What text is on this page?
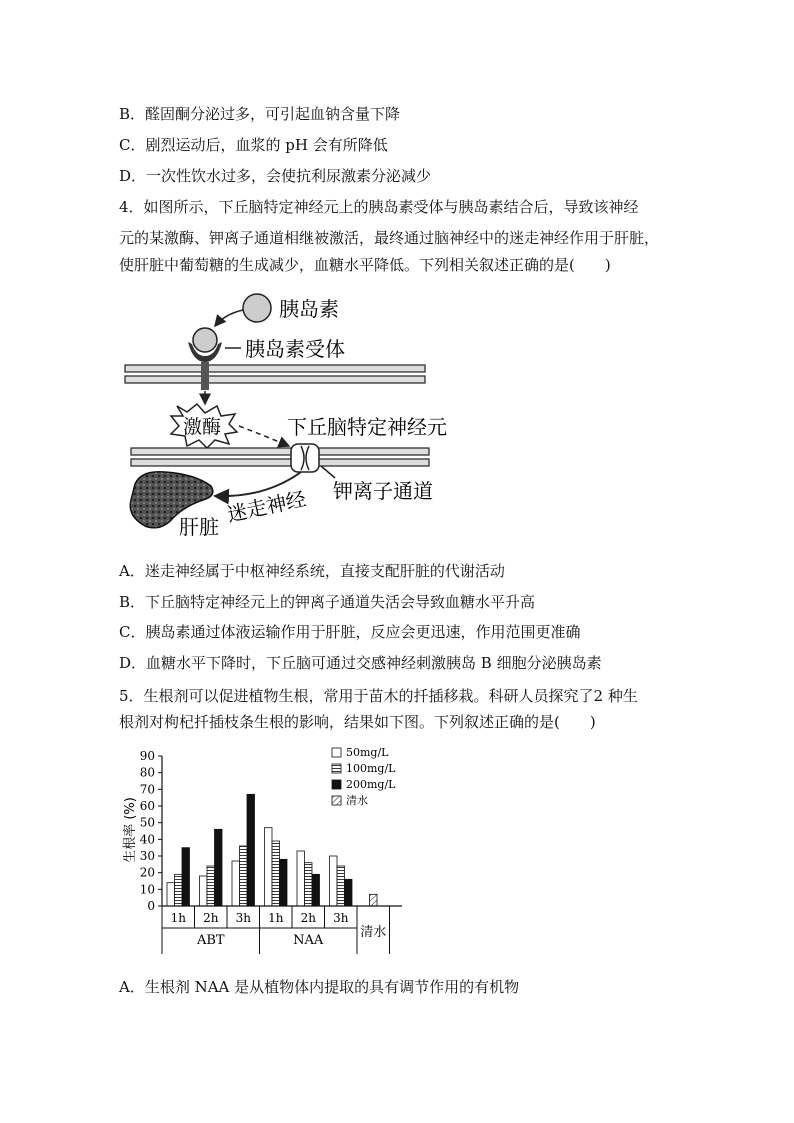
B．醛固酮分泌过多，可引起血钠含量下降
C．剧烈运动后，血浆的 pH 会有所降低
D．一次性饮水过多，会使抗利尿激素分泌减少
4．如图所示，下丘脑特定神经元上的胰岛素受体与胰岛素结合后，导致该神经
元的某激酶、钾离子通道相继被激活，最终通过脑神经中的迷走神经作用于肝脏，
使肝脏中葡萄糖的生成减少，血糖水平降低。下列相关叙述正确的是(　　)
胰岛素
胰岛素受体
激酶	下丘脑特定神经元
钾离子通道
迷走神经
肝脏
A．迷走神经属于中枢神经系统，直接支配肝脏的代谢活动
B．下丘脑特定神经元上的钾离子通道失活会导致血糖水平升高
C．胰岛素通过体液运输作用于肝脏，反应会更迅速，作用范围更准确
D．血糖水平下降时，下丘脑可通过交感神经刺激胰岛 B 细胞分泌胰岛素
5．生根剂可以促进植物生根，常用于苗木的扦插移栽。科研人员探究了2 种生
根剂对枸杞扦插枝条生根的影响，结果如下图。下列叙述正确的是(　　)
生根率 (%)
0
10
20
30
40
50
60
70
80
90
1h 2h 3h
ABT
1h 2h 3h
NAA
清水
50mg/L
100mg/L
200mg/L
清水
A．生根剂 NAA 是从植物体内提取的具有调节作用的有机物
